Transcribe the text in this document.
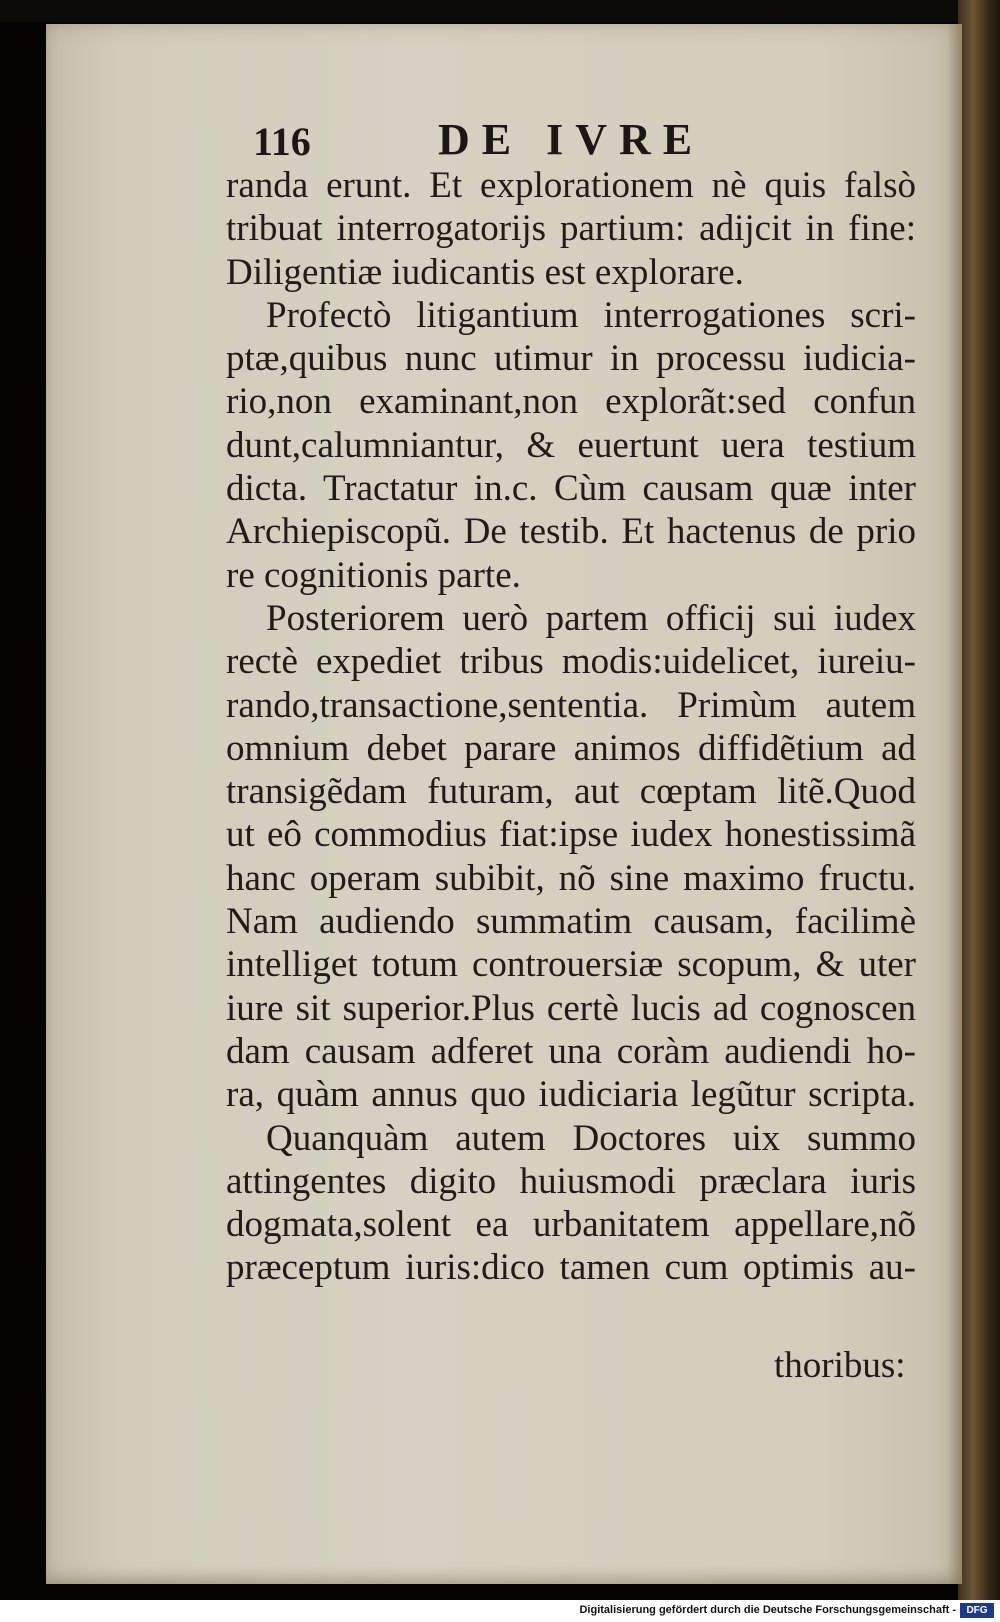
116	DE IVRE
randa erunt. Et explorationem nè quis falsò
tribuat interrogatorijs partium: adijcit in fine:
Diligentiæ iudicantis est explorare.
Profectò litigantium interrogationes scri-
ptæ,quibus nunc utimur in processu iudicia-
rio,non examinant,non explorãt:sed confun
dunt,calumniantur, & euertunt uera testium
dicta. Tractatur in.c. Cùm causam quæ inter
Archiepiscopũ. De testib. Et hactenus de prio
re cognitionis parte.
Posteriorem uerò partem officij sui iudex
rectè expediet tribus modis:uidelicet, iureiu-
rando,transactione,sententia. Primùm autem
omnium debet parare animos diffidẽtium ad
transigẽdam futuram, aut cœptam litẽ.Quod
ut eô commodius fiat:ipse iudex honestissimã
hanc operam subibit, nõ sine maximo fructu.
Nam audiendo summatim causam, facilimè
intelliget totum controuersiæ scopum, & uter
iure sit superior.Plus certè lucis ad cognoscen
dam causam adferet una coràm audiendi ho-
ra, quàm annus quo iudiciaria legũtur scripta.
Quanquàm autem Doctores uix summo
attingentes digito huiusmodi præclara iuris
dogmata,solent ea urbanitatem appellare,nõ
præceptum iuris:dico tamen cum optimis au-
thoribus:
Digitalisierung gefördert durch die Deutsche Forschungsgemeinschaft -	DFG
